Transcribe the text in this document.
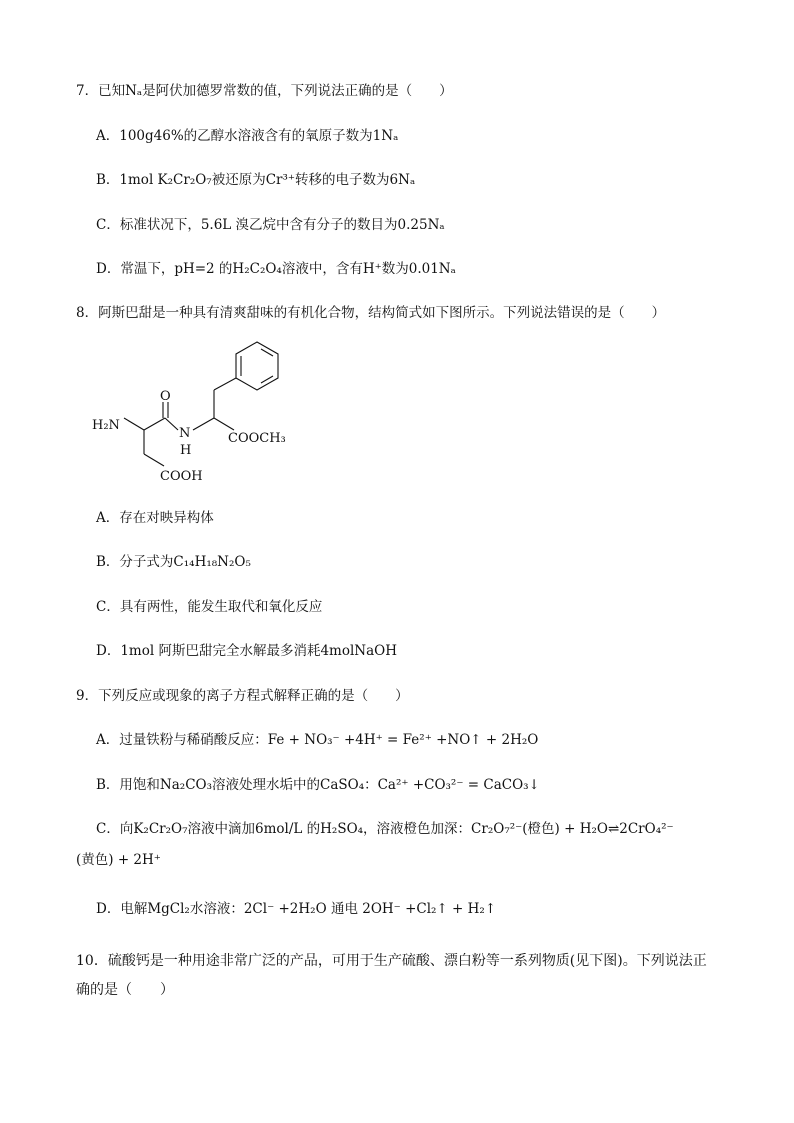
7．已知Nₐ是阿伏加德罗常数的值，下列说法正确的是（　　）
A．100g46%的乙醇水溶液含有的氧原子数为1Nₐ
B．1mol K₂Cr₂O₇被还原为Cr³⁺转移的电子数为6Nₐ
C．标准状况下，5.6L 溴乙烷中含有分子的数目为0.25Nₐ
D．常温下，pH=2 的H₂C₂O₄溶液中，含有H⁺数为0.01Nₐ
8．阿斯巴甜是一种具有清爽甜味的有机化合物，结构简式如下图所示。下列说法错误的是（　　）
H₂N
O
N
H
COOCH₃
COOH
A．存在对映异构体
B．分子式为C₁₄H₁₈N₂O₅
C．具有两性，能发生取代和氧化反应
D．1mol 阿斯巴甜完全水解最多消耗4molNaOH
9．下列反应或现象的离子方程式解释正确的是（　　）
A．过量铁粉与稀硝酸反应：Fe + NO₃⁻ +4H⁺ = Fe²⁺ +NO↑ + 2H₂O
B．用饱和Na₂CO₃溶液处理水垢中的CaSO₄：Ca²⁺ +CO₃²⁻ = CaCO₃↓
C．向K₂Cr₂O₇溶液中滴加6mol/L 的H₂SO₄，溶液橙色加深：Cr₂O₇²⁻(橙色) + H₂O⇌2CrO₄²⁻
(黄色) + 2H⁺
D．电解MgCl₂水溶液：2Cl⁻ +2H₂O 通电 2OH⁻ +Cl₂↑ + H₂↑
10．硫酸钙是一种用途非常广泛的产品，可用于生产硫酸、漂白粉等一系列物质(见下图)。下列说法正
确的是（　　）
